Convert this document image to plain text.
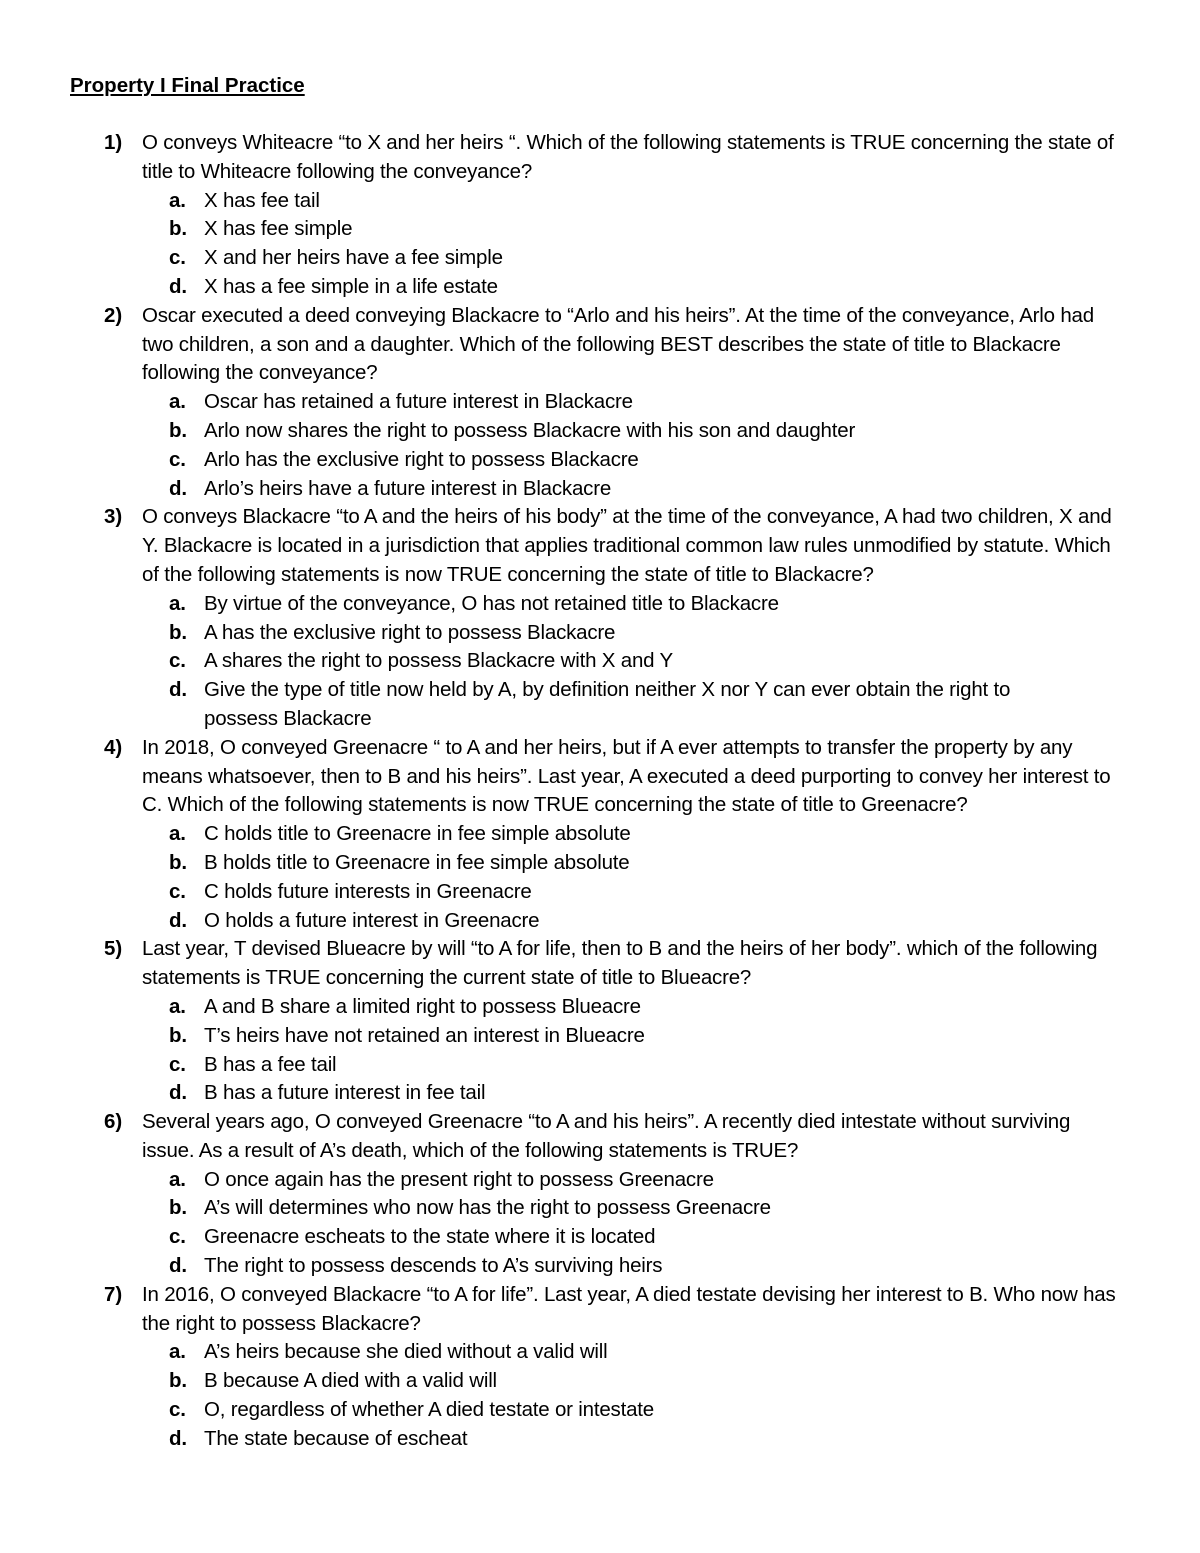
Property I Final Practice
1) O conveys Whiteacre “to X and her heirs “. Which of the following statements is TRUE concerning the state of title to Whiteacre following the conveyance?
a. X has fee tail
b. X has fee simple
c. X and her heirs have a fee simple
d. X has a fee simple in a life estate
2) Oscar executed a deed conveying Blackacre to “Arlo and his heirs”. At the time of the conveyance, Arlo had two children, a son and a daughter. Which of the following BEST describes the state of title to Blackacre following the conveyance?
a. Oscar has retained a future interest in Blackacre
b. Arlo now shares the right to possess Blackacre with his son and daughter
c. Arlo has the exclusive right to possess Blackacre
d. Arlo’s heirs have a future interest in Blackacre
3) O conveys Blackacre “to A and the heirs of his body” at the time of the conveyance, A had two children, X and Y. Blackacre is located in a jurisdiction that applies traditional common law rules unmodified by statute. Which of the following statements is now TRUE concerning the state of title to Blackacre?
a. By virtue of the conveyance, O has not retained title to Blackacre
b. A has the exclusive right to possess Blackacre
c. A shares the right to possess Blackacre with X and Y
d. Give the type of title now held by A, by definition neither X nor Y can ever obtain the right to possess Blackacre
4) In 2018, O conveyed Greenacre “ to A and her heirs, but if A ever attempts to transfer the property by any means whatsoever, then to B and his heirs”. Last year, A executed a deed purporting to convey her interest to C. Which of the following statements is now TRUE concerning the state of title to Greenacre?
a. C holds title to Greenacre in fee simple absolute
b. B holds title to Greenacre in fee simple absolute
c. C holds future interests in Greenacre
d. O holds a future interest in Greenacre
5) Last year, T devised Blueacre by will “to A for life, then to B and the heirs of her body”. which of the following statements is TRUE concerning the current state of title to Blueacre?
a. A and B share a limited right to possess Blueacre
b. T’s heirs have not retained an interest in Blueacre
c. B has a fee tail
d. B has a future interest in fee tail
6) Several years ago, O conveyed Greenacre “to A and his heirs”. A recently died intestate without surviving issue. As a result of A’s death, which of the following statements is TRUE?
a. O once again has the present right to possess Greenacre
b. A’s will determines who now has the right to possess Greenacre
c. Greenacre escheats to the state where it is located
d. The right to possess descends to A’s surviving heirs
7) In 2016, O conveyed Blackacre “to A for life”. Last year, A died testate devising her interest to B. Who now has the right to possess Blackacre?
a. A’s heirs because she died without a valid will
b. B because A died with a valid will
c. O, regardless of whether A died testate or intestate
d. The state because of escheat
